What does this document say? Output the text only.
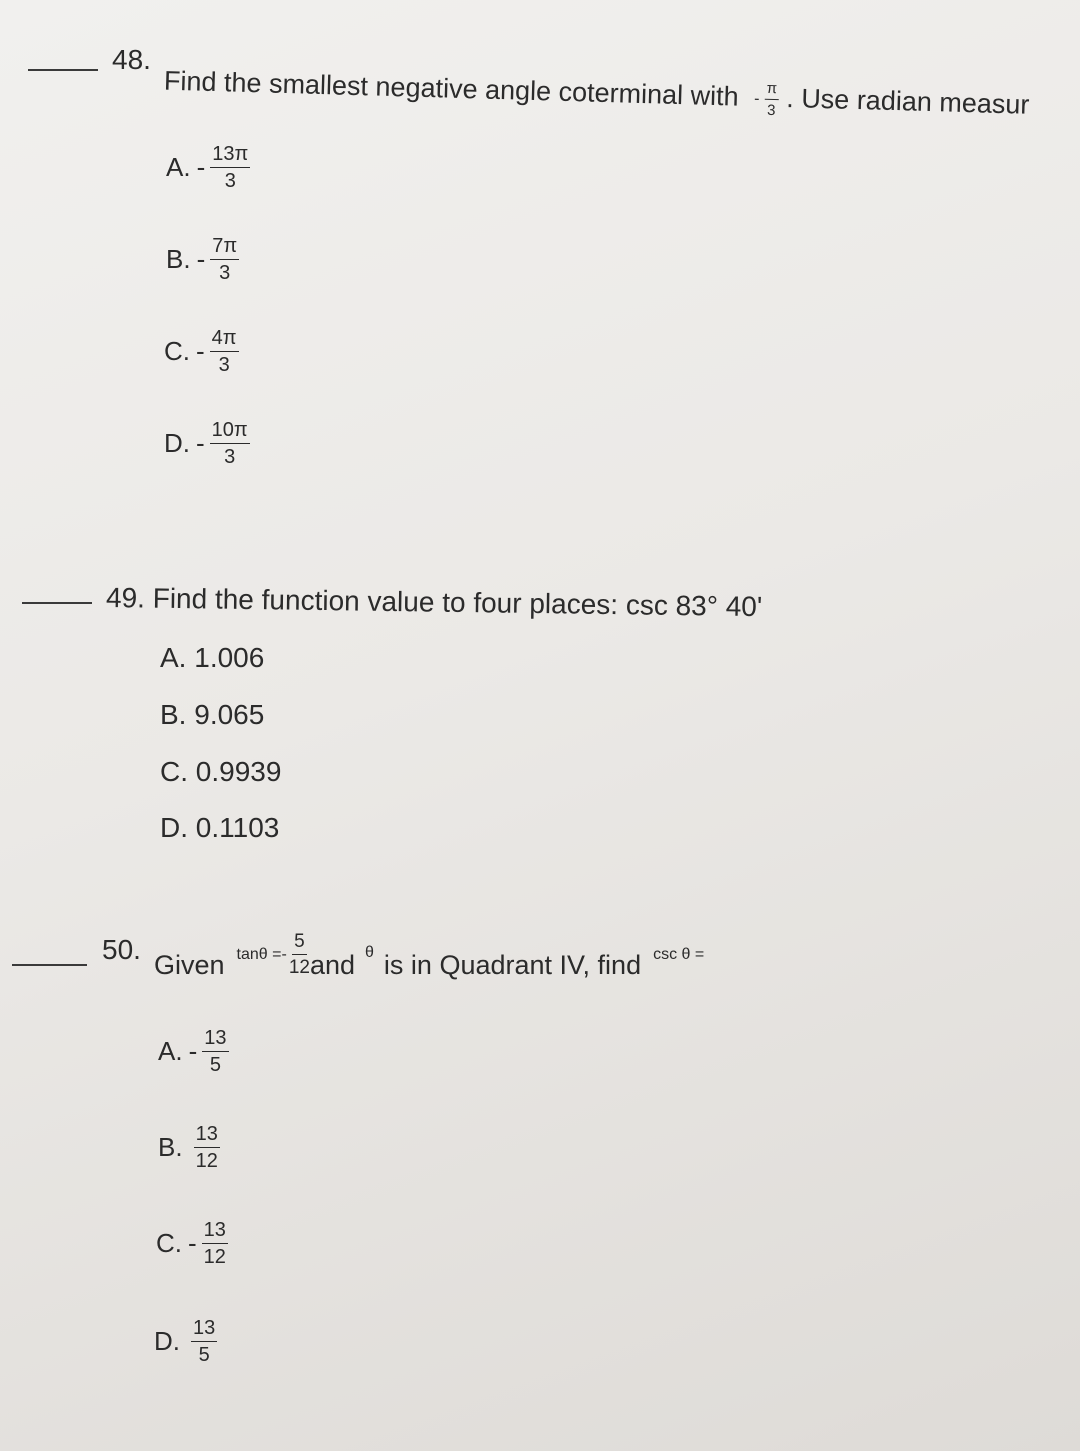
48.
Find the smallest negative angle coterminal with - $\frac{\pi}{3}$ . Use radian measur
A. - $\frac{13\pi}{3}$
B. - $\frac{7\pi}{3}$
C. - $\frac{4\pi}{3}$
D. - $\frac{10\pi}{3}$
49. Find the function value to four places: csc 83° 40'
A.
1.006
B.
9.065
C.
0.9939
D.
0.1103
50. Given $\tan\theta =- \frac{5}{12}$ and θ is in Quadrant IV, find csc θ =
A. - $\frac{13}{5}$
B. $\frac{13}{12}$
C. - $\frac{13}{12}$
D. $\frac{13}{5}$
